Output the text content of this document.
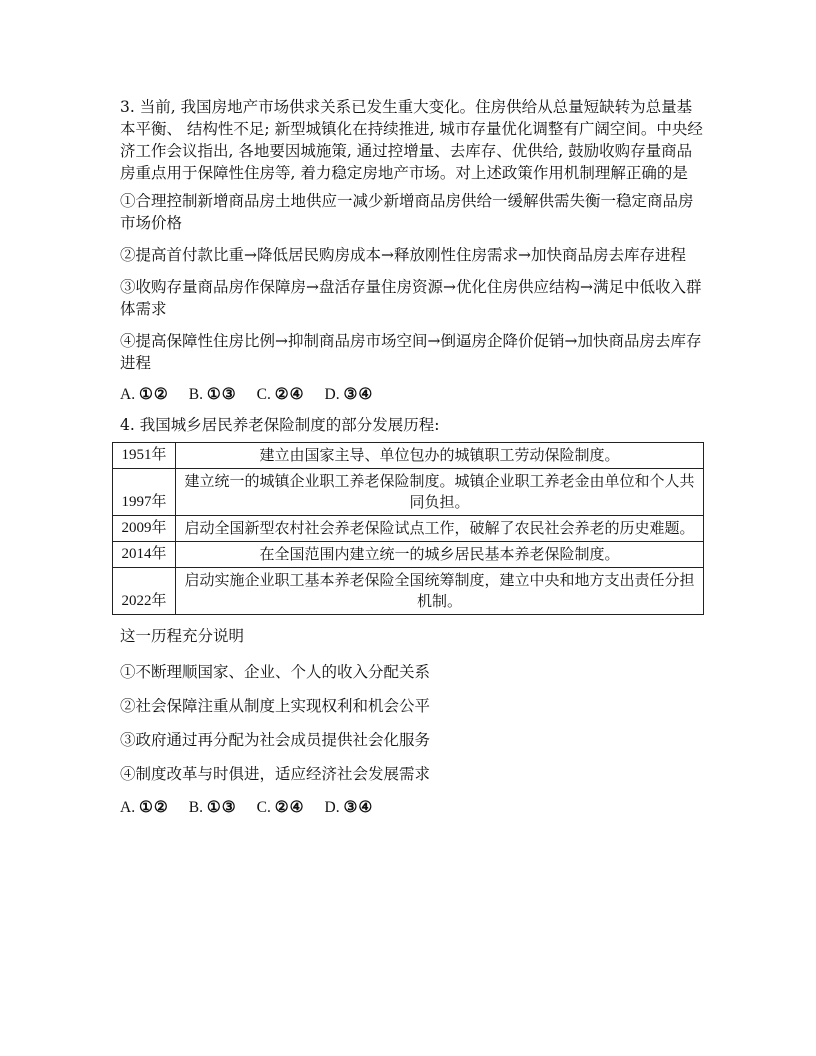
3. 当前, 我国房地产市场供求关系已发生重大变化。住房供给从总量短缺转为总量基本平衡、 结构性不足; 新型城镇化在持续推进, 城市存量优化调整有广阔空间。中央经济工作会议指出, 各地要因城施策, 通过控增量、去库存、优供给, 鼓励收购存量商品房重点用于保障性住房等, 着力稳定房地产市场。对上述政策作用机制理解正确的是
①合理控制新增商品房土地供应一减少新增商品房供给一缓解供需失衡一稳定商品房市场价格
②提高首付款比重→降低居民购房成本→释放刚性住房需求→加快商品房去库存进程
③收购存量商品房作保障房→盘活存量住房资源→优化住房供应结构→满足中低收入群体需求
④提高保障性住房比例→抑制商品房市场空间→倒逼房企降价促销→加快商品房去库存进程
A. ①② B. ①③ C. ②④ D. ③④
4. 我国城乡居民养老保险制度的部分发展历程:
1951年	建立由国家主导、单位包办的城镇职工劳动保险制度。
1997年	建立统一的城镇企业职工养老保险制度。城镇企业职工养老金由单位和个人共同负担。
2009年	启动全国新型农村社会养老保险试点工作，破解了农民社会养老的历史难题。
2014年	在全国范围内建立统一的城乡居民基本养老保险制度。
2022年	启动实施企业职工基本养老保险全国统筹制度，建立中央和地方支出责任分担机制。
这一历程充分说明
①不断理顺国家、企业、个人的收入分配关系
②社会保障注重从制度上实现权利和机会公平
③政府通过再分配为社会成员提供社会化服务
④制度改革与时俱进，适应经济社会发展需求
A. ①② B. ①③ C. ②④ D. ③④
